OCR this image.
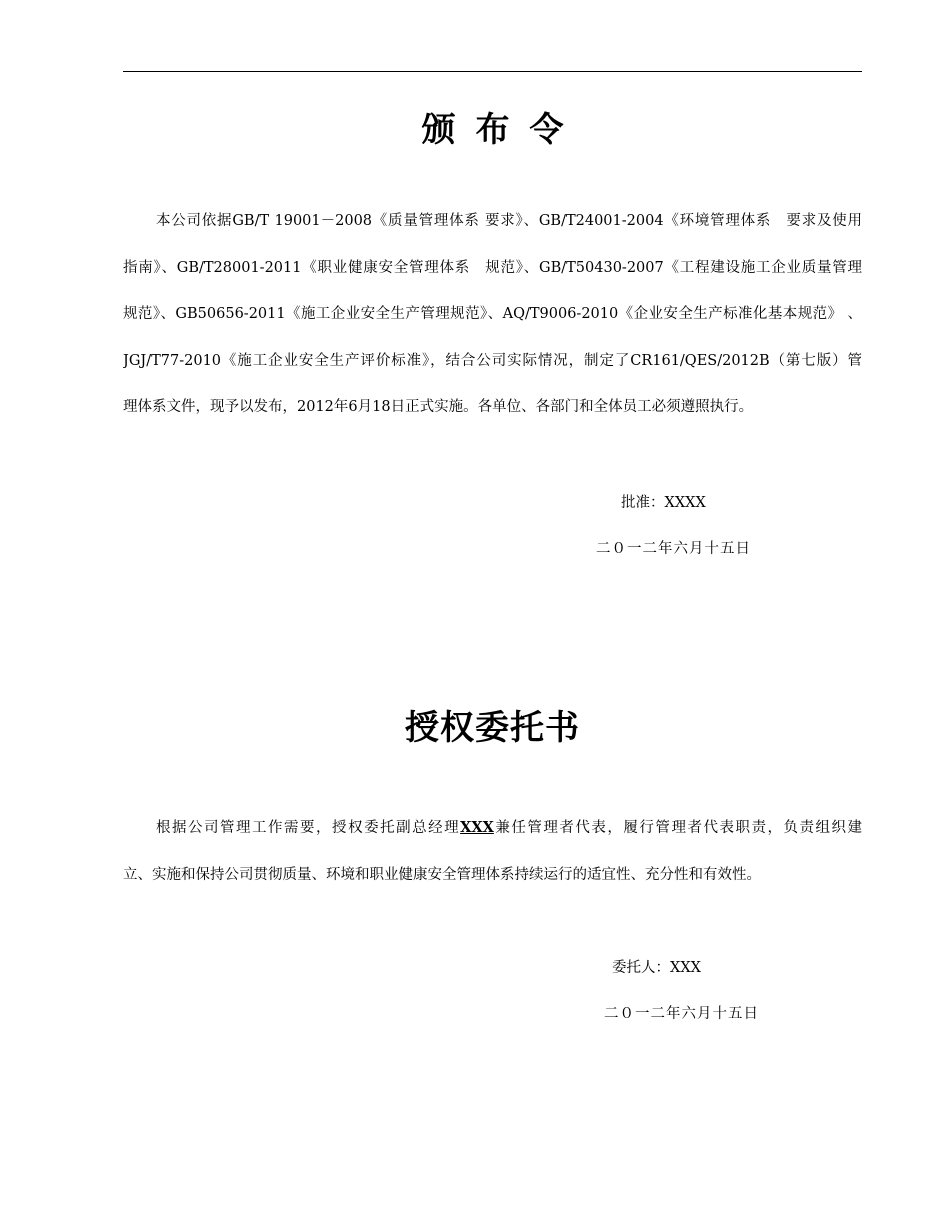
颁布令
本公司依据GB/T 19001－2008《质量管理体系 要求》、GB/T24001-2004《环境管理体系　要求及使用
指南》、GB/T28001-2011《职业健康安全管理体系　规范》、GB/T50430-2007《工程建设施工企业质量管理
规范》、GB50656-2011《施工企业安全生产管理规范》、AQ/T9006-2010《企业安全生产标准化基本规范》 、
JGJ/T77-2010《施工企业安全生产评价标准》，结合公司实际情况，制定了CR161/QES/2012B（第七版）管
理体系文件，现予以发布，2012年6月18日正式实施。各单位、各部门和全体员工必须遵照执行。

批准：XXXX

二０一二年六月十五日

授权委托书
根据公司管理工作需要，授权委托副总经理XXX兼任管理者代表，履行管理者代表职责，负责组织建
立、实施和保持公司贯彻质量、环境和职业健康安全管理体系持续运行的适宜性、充分性和有效性。

委托人：XXX

二０一二年六月十五日
